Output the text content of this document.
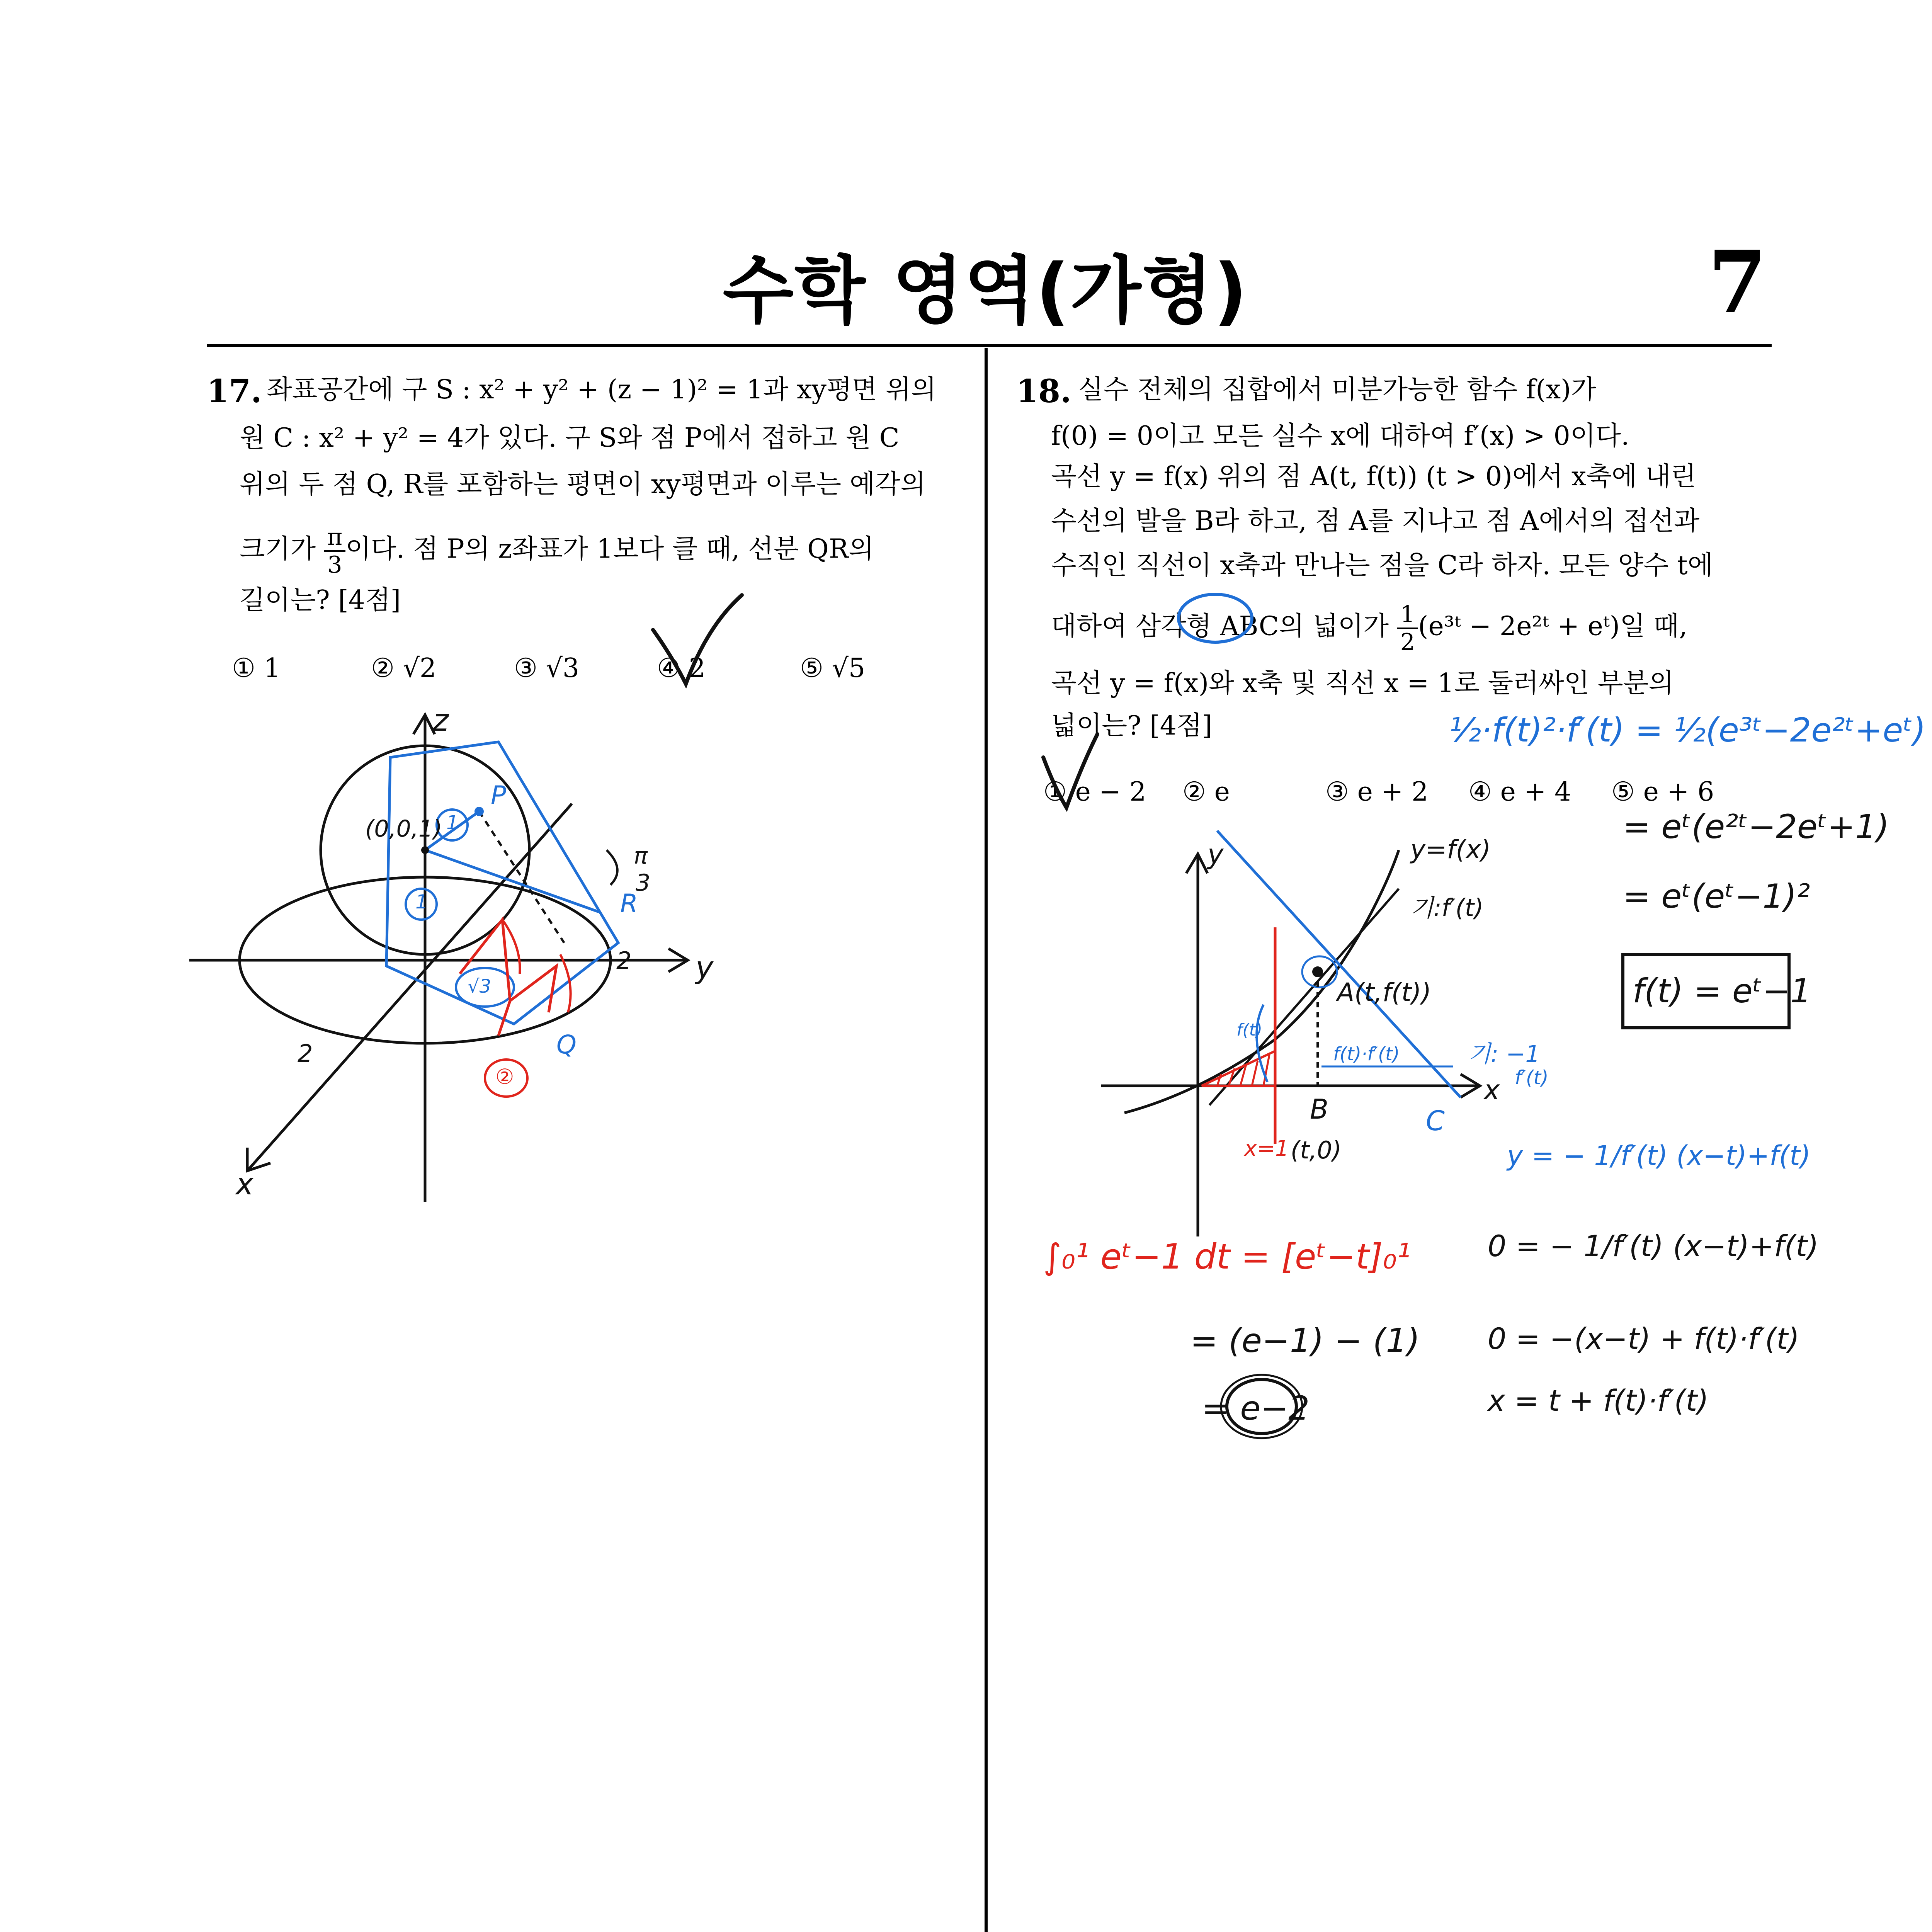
수학 영역(가형)	7
17. 좌표공간에 구 S : x² + y² + (z − 1)² = 1과 xy평면 위의
원 C : x² + y² = 4가 있다. 구 S와 점 P에서 접하고 원 C
위의 두 점 Q, R를 포함하는 평면이 xy평면과 이루는 예각의
크기가 $\frac{\pi}{3}$ 이다. 점 P의 z좌표가 1보다 클 때, 선분 QR의
길이는? [4점]
① 1	② √2	③ √3	④ 2	⑤ √5
18. 실수 전체의 집합에서 미분가능한 함수 f(x)가
f(0) = 0이고 모든 실수 x에 대하여 f′(x) > 0이다.
곡선 y = f(x) 위의 점 A(t, f(t)) (t > 0)에서 x축에 내린
수선의 발을 B라 하고, 점 A를 지나고 점 A에서의 접선과
수직인 직선이 x축과 만나는 점을 C라 하자. 모든 양수 t에
대하여 삼각형 ABC의 넓이가 $\frac{1}{2}$ (e³ᵗ − 2e²ᵗ + eᵗ)일 때,
곡선 y = f(x)와 x축 및 직선 x = 1로 둘러싸인 부분의
넓이는? [4점]
① e − 2 ② e	③ e + 2 ④ e + 4 ⑤ e + 6
z
y
x
(0,0,1)
π
3
P
Q
R
2
2
1
1
√3
②
y
x
y=f(x)
기:f′(t)
A(t,f(t))
f(t)
f(t)·f′(t)	기: −1
f′(t)
B	C
(t,0)
x=1	y = − 1/f′(t) (x−t)+f(t)
½·f(t)²·f′(t) = ½(e³ᵗ−2e²ᵗ+eᵗ)
= eᵗ(e²ᵗ−2eᵗ+1)
= eᵗ(eᵗ−1)²
f(t) = eᵗ−1
0 = − 1/f′(t) (x−t)+f(t)
0 = −(x−t) + f(t)·f′(t)
x = t + f(t)·f′(t)
∫₀¹ eᵗ−1 dt = [eᵗ−t]₀¹
= (e−1) − (1)
= e−2
